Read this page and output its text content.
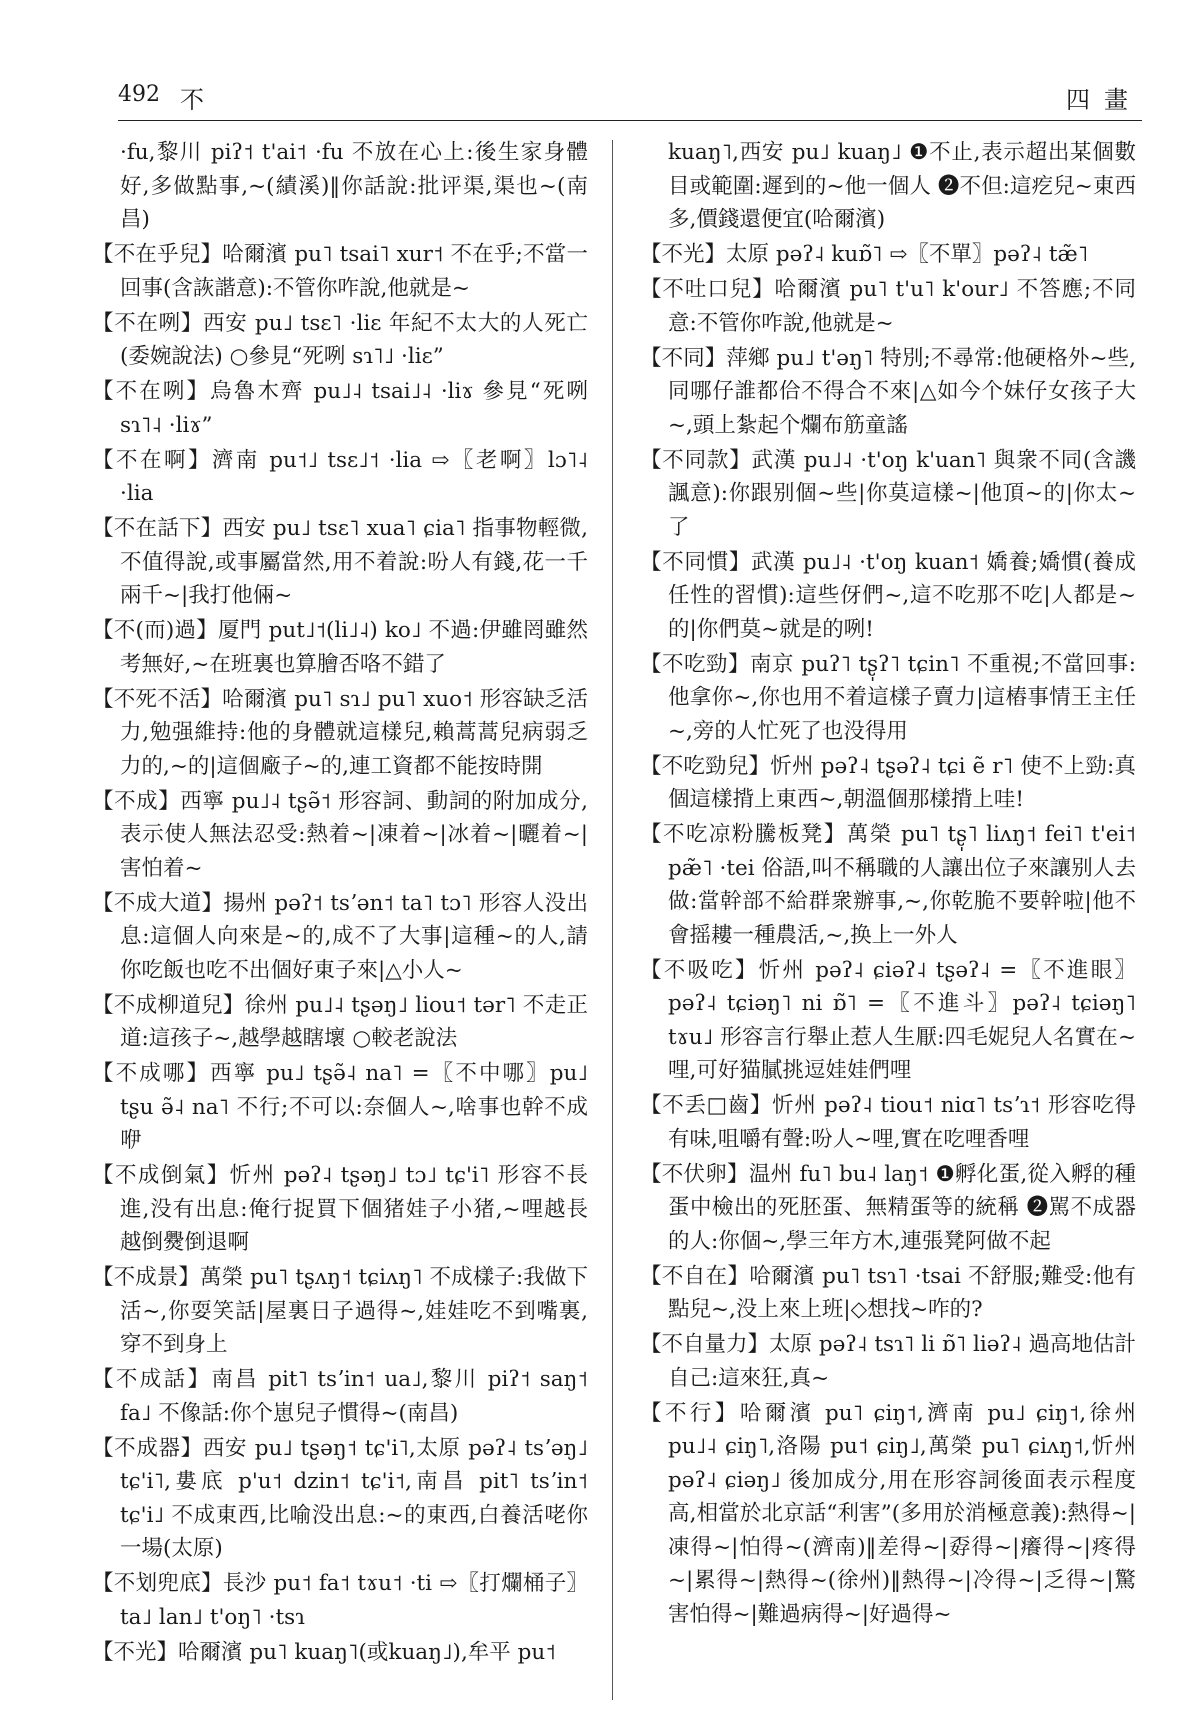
492 不	四畫

·fu,黎川 piʔ˦ t'ai˦ ·fu 不放在心上:後生家身體好,多做點事,~(績溪)‖你話說:批评渠,渠也~(南昌)

【不在乎兒】哈爾濱 pu˥ tsai˥ xur˦ 不在乎;不當一回事(含詼諧意):不管你咋說,他就是~

【不在咧】西安 pu˩ tsɛ˥ ·liɛ 年紀不太大的人死亡(委婉說法) ○參見“死咧 sɿ˥˩ ·liɛ”

【不在咧】烏魯木齊 pu˩˨ tsai˩˨ ·liɤ 參見“死咧 sɿ˥˨ ·liɤ”

【不在啊】濟南 pu˦˩ tsɛ˩˦ ·lia ⇨〖老啊〗lɔ˥˨ ·lia

【不在話下】西安 pu˩ tsɛ˥ xua˥ ɕia˥ 指事物輕微,不值得說,或事屬當然,用不着說:吩人有錢,花一千兩千~|我打他倆~

【不(而)過】厦門 put˩˦(li˩˨) ko˩ 不過:伊雖罔雖然考無好,~在班裏也算膾否咯不錯了

【不死不活】哈爾濱 pu˥ sɿ˩ pu˥ xuo˦ 形容缺乏活力,勉强維持:他的身體就這樣兒,賴蒿蒿兒病弱乏力的,~的|這個廠子~的,連工資都不能按時開

【不成】西寧 pu˩˨ tʂə̃˦ 形容詞、動詞的附加成分,表示使人無法忍受:熱着~|凍着~|冰着~|曬着~|害怕着~

【不成大道】揚州 pəʔ˦ tsʼən˦ ta˥ tɔ˥ 形容人没出息:這個人向來是~的,成不了大事|這種~的人,請你吃飯也吃不出個好東子來|△小人~

【不成柳道兒】徐州 pu˩˨ tʂəŋ˩ liou˦ tər˥ 不走正道:這孩子~,越學越瞎壞 ○較老說法

【不成哪】西寧 pu˩ tʂə̃˨ na˥ =〖不中哪〗pu˩ tʂu ə̃˨ na˥ 不行;不可以:奈個人~,啥事也幹不成咿

【不成倒氣】忻州 pəʔ˨ tʂəŋ˩ tɔ˩ tɕ'i˥ 形容不長進,没有出息:俺行捉買下個猪娃子小猪,~哩越長越倒㸑倒退啊

【不成景】萬榮 pu˥ tʂʌŋ˦ tɕiʌŋ˥ 不成樣子:我做下活~,你耍笑話|屋裏日子過得~,娃娃吃不到嘴裏,穿不到身上

【不成話】南昌 pit˥ tsʼin˦ ua˩,黎川 piʔ˦ saŋ˦ fa˩ 不像話:你个崽兒子慣得~(南昌)

【不成器】西安 pu˩ tʂəŋ˦ tɕ'i˥,太原 pəʔ˨ tsʼəŋ˩ tɕ'i˥,婁底 p'u˦ dzin˦ tɕ'i˦,南昌 pit˥ tsʼin˦ tɕ'i˩ 不成東西,比喻没出息:~的東西,白養活咾你一場(太原)

【不划兜底】長沙 pu˦ fa˦ tɤu˦ ·ti ⇨〖打爛桶子〗ta˩ lan˩ t'oŋ˥ ·tsɿ

【不光】哈爾濱 pu˥ kuaŋ˥(或kuaŋ˩),牟平 pu˦

kuaŋ˥,西安 pu˩ kuaŋ˩ ❶不止,表示超出某個數目或範圍:遲到的~他一個人 ❷不但:這疙兒~東西多,價錢還便宜(哈爾濱)

【不光】太原 pəʔ˨ kuɒ̃˥ ⇨〖不單〗pəʔ˨ tæ̃˥

【不吐口兒】哈爾濱 pu˥ t'u˥ k'our˩ 不答應;不同意:不管你咋說,他就是~

【不同】萍鄉 pu˩ t'əŋ˥ 特別;不尋常:他硬格外~些,同哪仔誰都佮不得合不來|△如今个妹仔女孩子大~,頭上紮起个爛布筋童謠

【不同款】武漢 pu˩˨ ·t'oŋ k'uan˥ 與衆不同(含譏諷意):你跟别個~些|你莫這樣~|他頂~的|你太~了

【不同慣】武漢 pu˩˨ ·t'oŋ kuan˦ 嬌養;嬌慣(養成任性的習慣):這些伢們~,這不吃那不吃|人都是~的|你們莫~就是的咧!

【不吃勁】南京 puʔ˥ tʂ̩ʔ˥ tɕin˥ 不重視;不當回事:他拿你~,你也用不着這樣子賣力|這樁事情王主任~,旁的人忙死了也没得用

【不吃勁兒】忻州 pəʔ˨ tʂəʔ˨ tɕi ẽ r˥ 使不上勁:真個這樣揹上東西~,朝溫個那樣揹上哇!

【不吃凉粉騰板凳】萬榮 pu˥ tʂ̩˥ liʌŋ˦ fei˥ t'ei˦ pæ̃˥ ·tei 俗語,叫不稱職的人讓出位子來讓别人去做:當幹部不給群衆辦事,~,你乾脆不要幹啦|他不會摇耬一種農活,~,换上一外人

【不吸吃】忻州 pəʔ˨ ɕiəʔ˨ tʂəʔ˨ =〖不進眼〗pəʔ˨ tɕiəŋ˥ ni ɒ̃˥ =〖不進斗〗pəʔ˨ tɕiəŋ˥ tɤu˩ 形容言行舉止惹人生厭:四毛妮兒人名實在~哩,可好猫膩挑逗娃娃們哩

【不丢□齒】忻州 pəʔ˨ tiou˦ niɑ˥ tsʼɿ˦ 形容吃得有味,咀嚼有聲:吩人~哩,實在吃哩香哩

【不伏卵】温州 fu˥ bu˨ laŋ˦ ❶孵化蛋,從入孵的種蛋中檢出的死胚蛋、無精蛋等的統稱 ❷駡不成器的人:你個~,學三年方木,連張凳阿做不起

【不自在】哈爾濱 pu˥ tsɿ˥ ·tsai 不舒服;難受:他有點兒~,没上來上班|◇想找~咋的?

【不自量力】太原 pəʔ˨ tsɿ˥ li ɒ̃˥ liəʔ˨ 過高地估計自己:這來狂,真~

【不行】哈爾濱 pu˥ ɕiŋ˦,濟南 pu˩ ɕiŋ˦,徐州 pu˩˨ ɕiŋ˥,洛陽 pu˦ ɕiŋ˩,萬榮 pu˥ ɕiʌŋ˦,忻州 pəʔ˨ ɕiəŋ˩ 後加成分,用在形容詞後面表示程度高,相當於北京話“利害”(多用於消極意義):熱得~|凍得~|怕得~(濟南)‖差得~|孬得~|癢得~|疼得~|累得~|熱得~(徐州)‖熱得~|冷得~|乏得~|驚害怕得~|難過病得~|好過得~
